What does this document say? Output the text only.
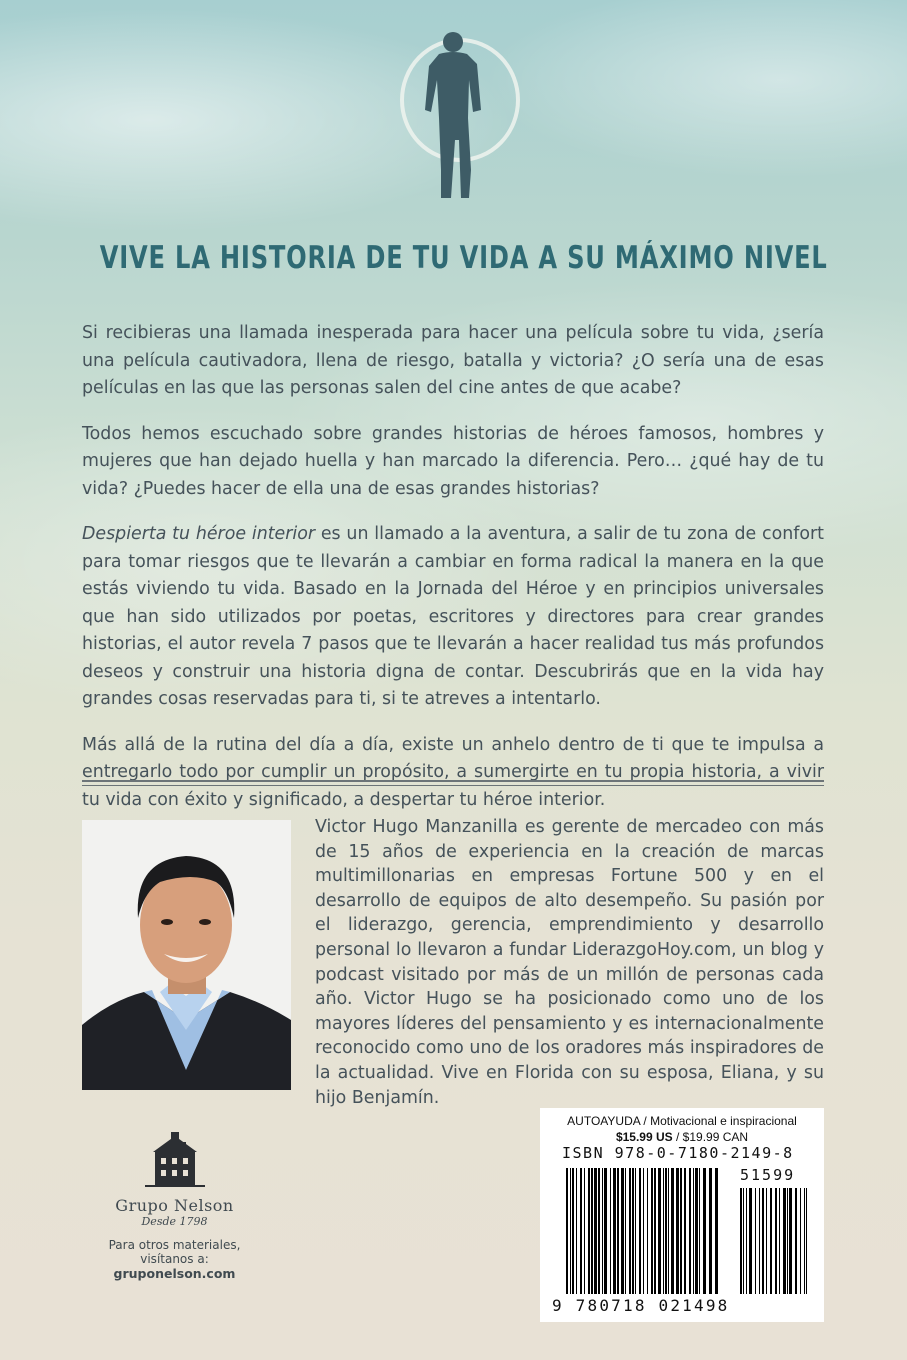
VIVE LA HISTORIA DE TU VIDA A SU MÁXIMO NIVEL

Si recibieras una llamada inesperada para hacer una película sobre tu vida, ¿sería una película cautivadora, llena de riesgo, batalla y victoria? ¿O sería una de esas películas en las que las personas salen del cine antes de que acabe?

Todos hemos escuchado sobre grandes historias de héroes famosos, hombres y mujeres que han dejado huella y han marcado la diferencia. Pero… ¿qué hay de tu vida? ¿Puedes hacer de ella una de esas grandes historias?

Despierta tu héroe interior es un llamado a la aventura, a salir de tu zona de confort para tomar riesgos que te llevarán a cambiar en forma radical la manera en la que estás viviendo tu vida. Basado en la Jornada del Héroe y en principios universales que han sido utilizados por poetas, escritores y directores para crear grandes historias, el autor revela 7 pasos que te llevarán a hacer realidad tus más profundos deseos y construir una historia digna de contar. Descubrirás que en la vida hay grandes cosas reservadas para ti, si te atreves a intentarlo.

Más allá de la rutina del día a día, existe un anhelo dentro de ti que te impulsa a entregarlo todo por cumplir un propósito, a sumergirte en tu propia historia, a vivir tu vida con éxito y significado, a despertar tu héroe interior.

Victor Hugo Manzanilla es gerente de mercadeo con más de 15 años de experiencia en la creación de marcas multimillonarias en empresas Fortune 500 y en el desarrollo de equipos de alto desempeño. Su pasión por el liderazgo, gerencia, emprendimiento y desarrollo personal lo llevaron a fundar LiderazgoHoy.com, un blog y podcast visitado por más de un millón de personas cada año. Victor Hugo se ha posicionado como uno de los mayores líderes del pensamiento y es internacionalmente reconocido como uno de los oradores más inspiradores de la actualidad. Vive en Florida con su esposa, Eliana, y su hijo Benjamín.
Grupo Nelson
Desde 1798
Para otros materiales, visítanos a:
gruponelson.com
AUTOAYUDA / Motivacional e inspiracional
$15.99 US / $19.99 CAN
ISBN 978-0-7180-2149-8
51599
9 780718 021498
